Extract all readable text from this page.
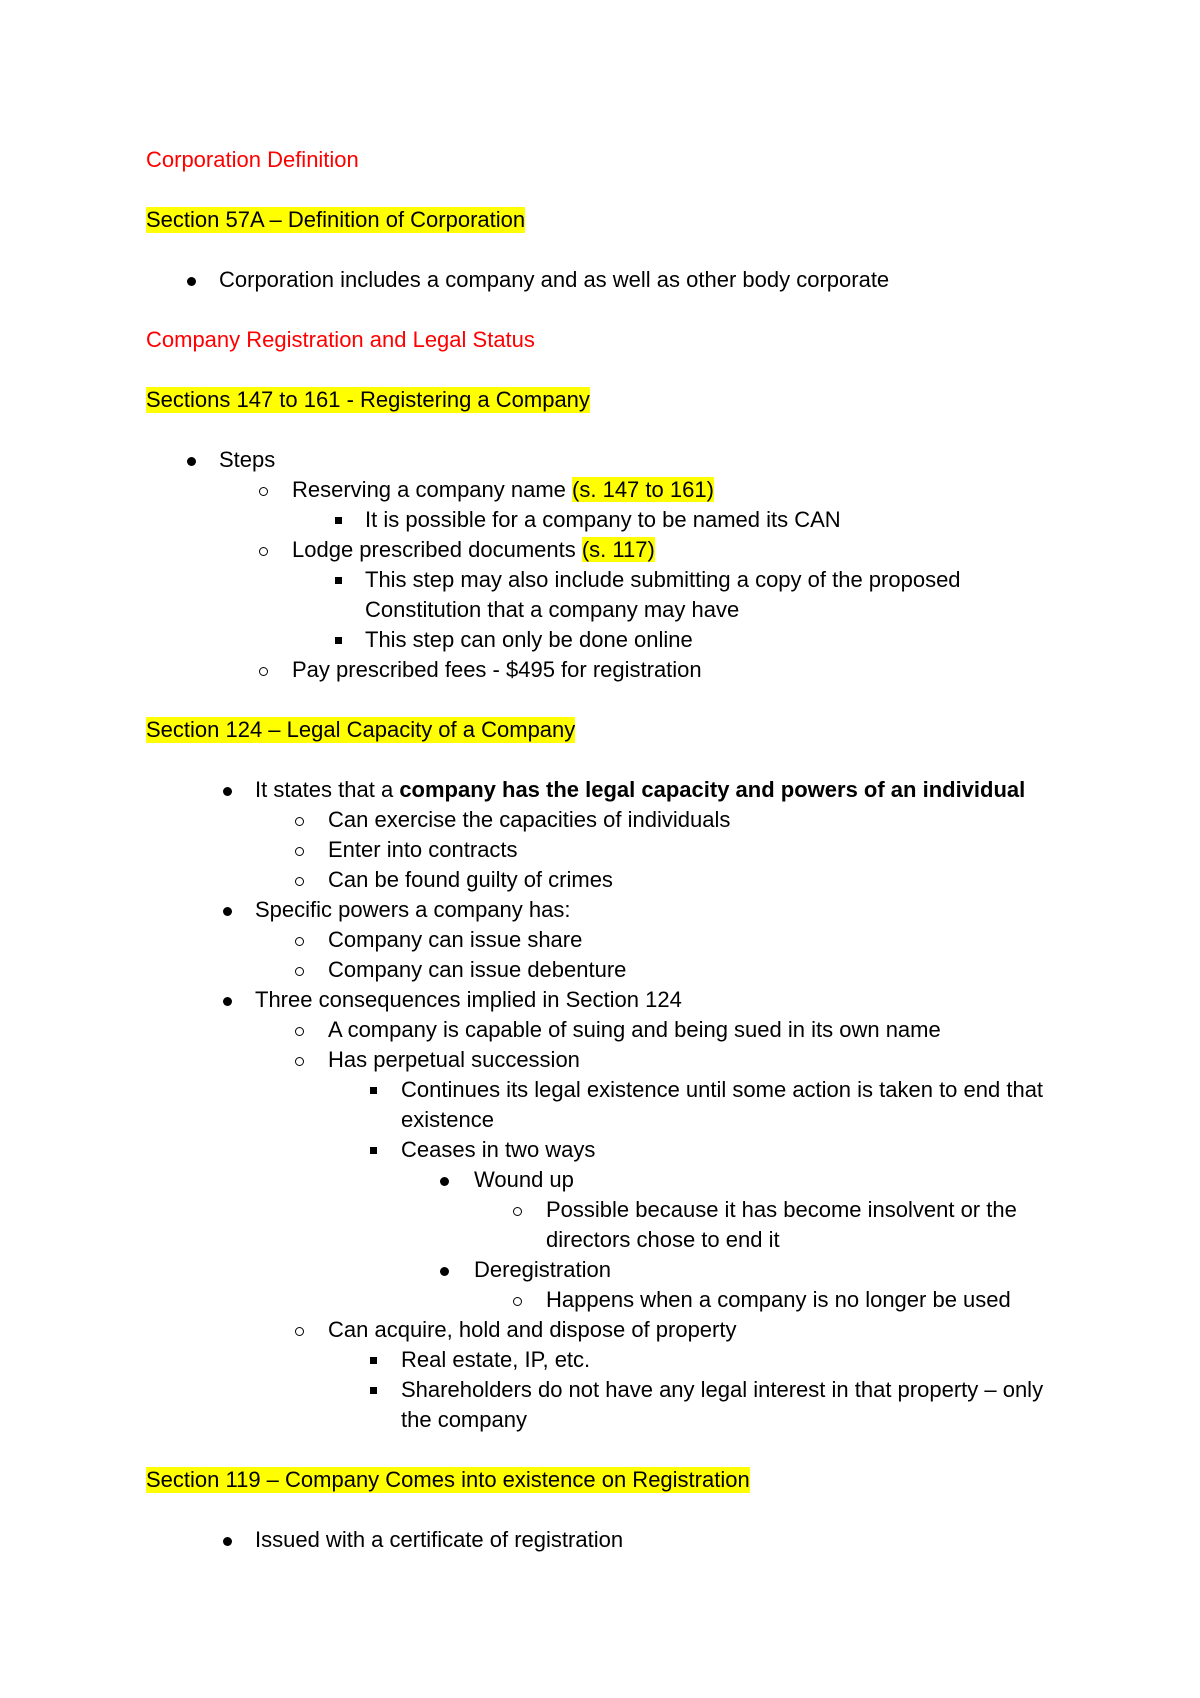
Corporation Definition
Section 57A – Definition of Corporation
Corporation includes a company and as well as other body corporate
Company Registration and Legal Status
Sections 147 to 161 - Registering a Company
Steps
Reserving a company name (s. 147 to 161)
It is possible for a company to be named its CAN
Lodge prescribed documents (s. 117)
This step may also include submitting a copy of the proposed
Constitution that a company may have
This step can only be done online
Pay prescribed fees - $495 for registration
Section 124 – Legal Capacity of a Company
It states that a company has the legal capacity and powers of an individual
Can exercise the capacities of individuals
Enter into contracts
Can be found guilty of crimes
Specific powers a company has:
Company can issue share
Company can issue debenture
Three consequences implied in Section 124
A company is capable of suing and being sued in its own name
Has perpetual succession
Continues its legal existence until some action is taken to end that
existence
Ceases in two ways
Wound up
Possible because it has become insolvent or the
directors chose to end it
Deregistration
Happens when a company is no longer be used
Can acquire, hold and dispose of property
Real estate, IP, etc.
Shareholders do not have any legal interest in that property – only
the company
Section 119 – Company Comes into existence on Registration
Issued with a certificate of registration
